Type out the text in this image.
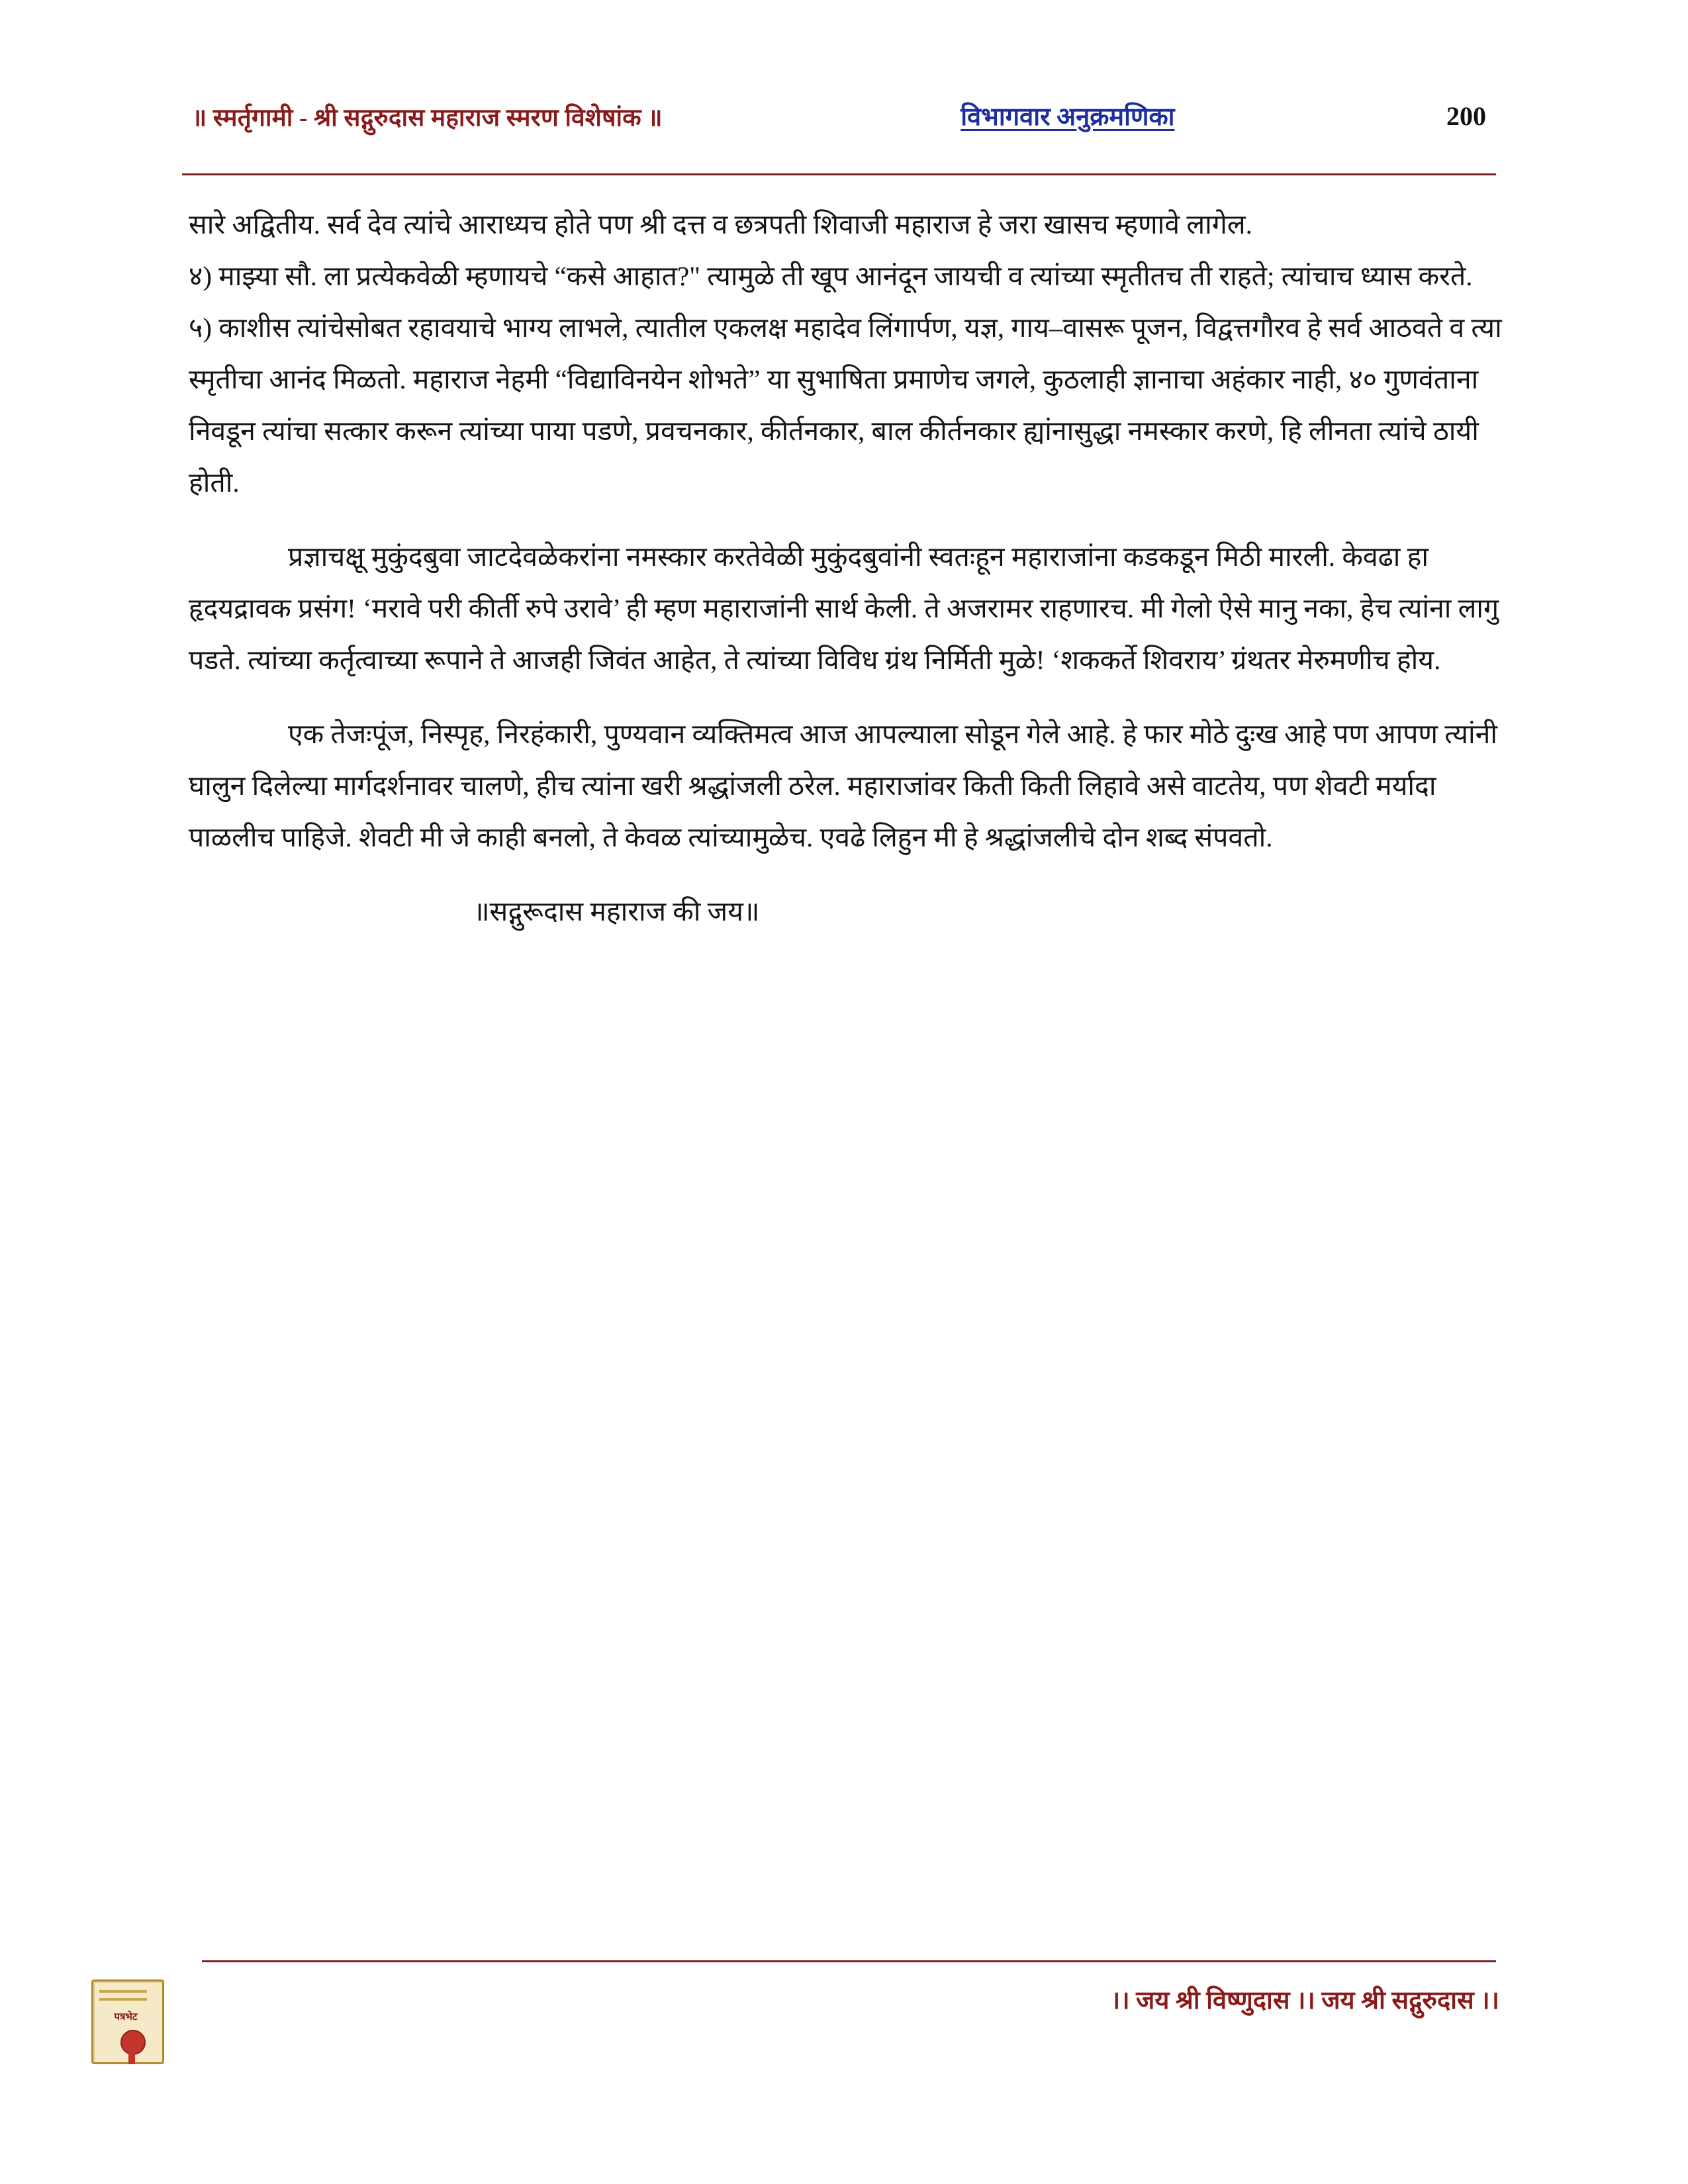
॥ स्मर्तृगामी - श्री सद्गुरुदास महाराज स्मरण विशेषांक ॥	विभागवार अनुक्रमणिका	200

सारे अद्वितीय. सर्व देव त्यांचे आराध्यच होते पण श्री दत्त व छत्रपती शिवाजी महाराज हे जरा खासच म्हणावे लागेल.

४) माझ्या सौ. ला प्रत्येकवेळी म्हणायचे “कसे आहात?" त्यामुळे ती खूप आनंदून जायची व त्यांच्या स्मृतीतच ती राहते; त्यांचाच ध्यास करते.

५) काशीस त्यांचेसोबत रहावयाचे भाग्य लाभले, त्यातील एकलक्ष महादेव लिंगार्पण, यज्ञ, गाय–वासरू पूजन, विद्वत्तगौरव हे सर्व आठवते व त्या स्मृतीचा आनंद मिळतो. महाराज नेहमी “विद्याविनयेन शोभते” या सुभाषिता प्रमाणेच जगले, कुठलाही ज्ञानाचा अहंकार नाही, ४० गुणवंताना निवडून त्यांचा सत्कार करून त्यांच्या पाया पडणे, प्रवचनकार, कीर्तनकार, बाल कीर्तनकार ह्यांनासुद्धा नमस्कार करणे, हि लीनता त्यांचे ठायी होती.

प्रज्ञाचक्षू मुकुंदबुवा जाटदेवळेकरांना नमस्कार करतेवेळी मुकुंदबुवांनी स्वतःहून महाराजांना कडकडून मिठी मारली. केवढा हा हृदयद्रावक प्रसंग! ‘मरावे परी कीर्ती रुपे उरावे’ ही म्हण महाराजांनी सार्थ केली. ते अजरामर राहणारच. मी गेलो ऐसे मानु नका, हेच त्यांना लागु पडते. त्यांच्या कर्तृत्वाच्या रूपाने ते आजही जिवंत आहेत, ते त्यांच्या विविध ग्रंथ निर्मिती मुळे! ‘शककर्ते शिवराय’ ग्रंथतर मेरुमणीच होय.

एक तेजःपूंज, निस्पृह, निरहंकारी, पुण्यवान व्यक्तिमत्व आज आपल्याला सोडून गेले आहे. हे फार मोठे दुःख आहे पण आपण त्यांनी घालुन दिलेल्या मार्गदर्शनावर चालणे, हीच त्यांना खरी श्रद्धांजली ठरेल. महाराजांवर किती किती लिहावे असे वाटतेय, पण शेवटी मर्यादा पाळलीच पाहिजे. शेवटी मी जे काही बनलो, ते केवळ त्यांच्यामुळेच. एवढे लिहुन मी हे श्रद्धांजलीचे दोन शब्द संपवतो.

॥सद्गुरूदास महाराज की जय॥

।। जय श्री विष्णुदास ।। जय श्री सद्गुरुदास ।।
पत्रभेट
